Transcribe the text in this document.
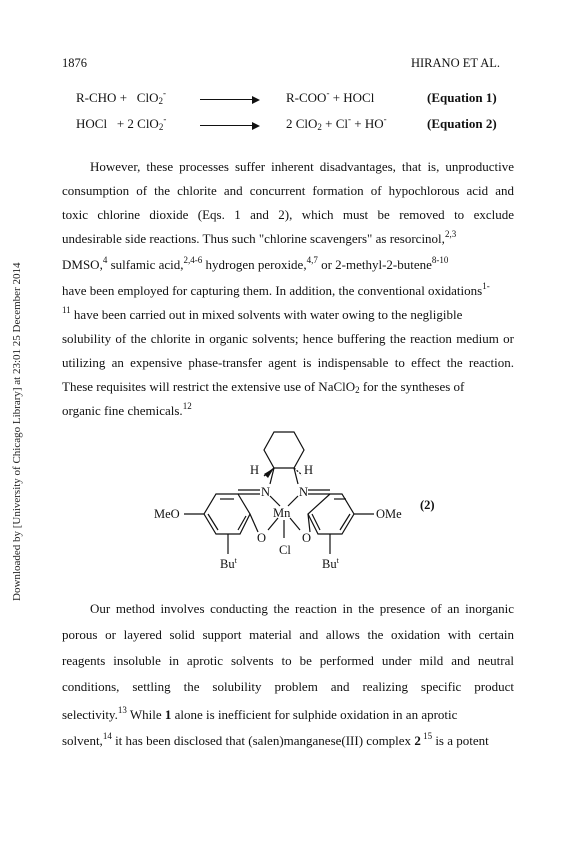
1876	HIRANO ET AL.
Downloaded by [University of Chicago Library] at 23:01 25 December 2014
R-CHO + ClO$_2$-	R-COO- + HOCl	(Equation 1)
HOCl + 2 ClO$_2$-	2 ClO$_2$ + Cl- + HO-	(Equation 2)
However, these processes suffer inherent disadvantages, that is, unproductive
consumption of the chlorite and concurrent formation of hypochlorous acid and
toxic chlorine dioxide (Eqs. 1 and 2), which must be removed to exclude
undesirable side reactions. Thus such "chlorine scavengers" as resorcinol,$^{2,3}$
DMSO,$^4$ sulfamic acid,$^{2,4-6}$ hydrogen peroxide,$^{4,7}$ or 2-methyl-2-butene$^{8-10}$
have been employed for capturing them. In addition, the conventional oxidations$^{1-}$
$^{11}$ have been carried out in mixed solvents with water owing to the negligible
solubility of the chlorite in organic solvents; hence buffering the reaction medium or
utilizing an expensive phase-transfer agent is indispensable to effect the reaction.
These requisites will restrict the extensive use of NaClO$_2$ for the syntheses of
organic fine chemicals.$^{12}$
H	H
N N
Mn
O	O
Cl
MeO	OMe
Bu$^t$	Bu$^t$
(2)
Our method involves conducting the reaction in the presence of an inorganic
porous or layered solid support material and allows the oxidation with certain
reagents insoluble in aprotic solvents to be performed under mild and neutral
conditions, settling the solubility problem and realizing specific product
selectivity.$^{13}$ While 1 alone is inefficient for sulphide oxidation in an aprotic
solvent,$^{14}$ it has been disclosed that (salen)manganese(III) complex 2 $^{15}$ is a potent
